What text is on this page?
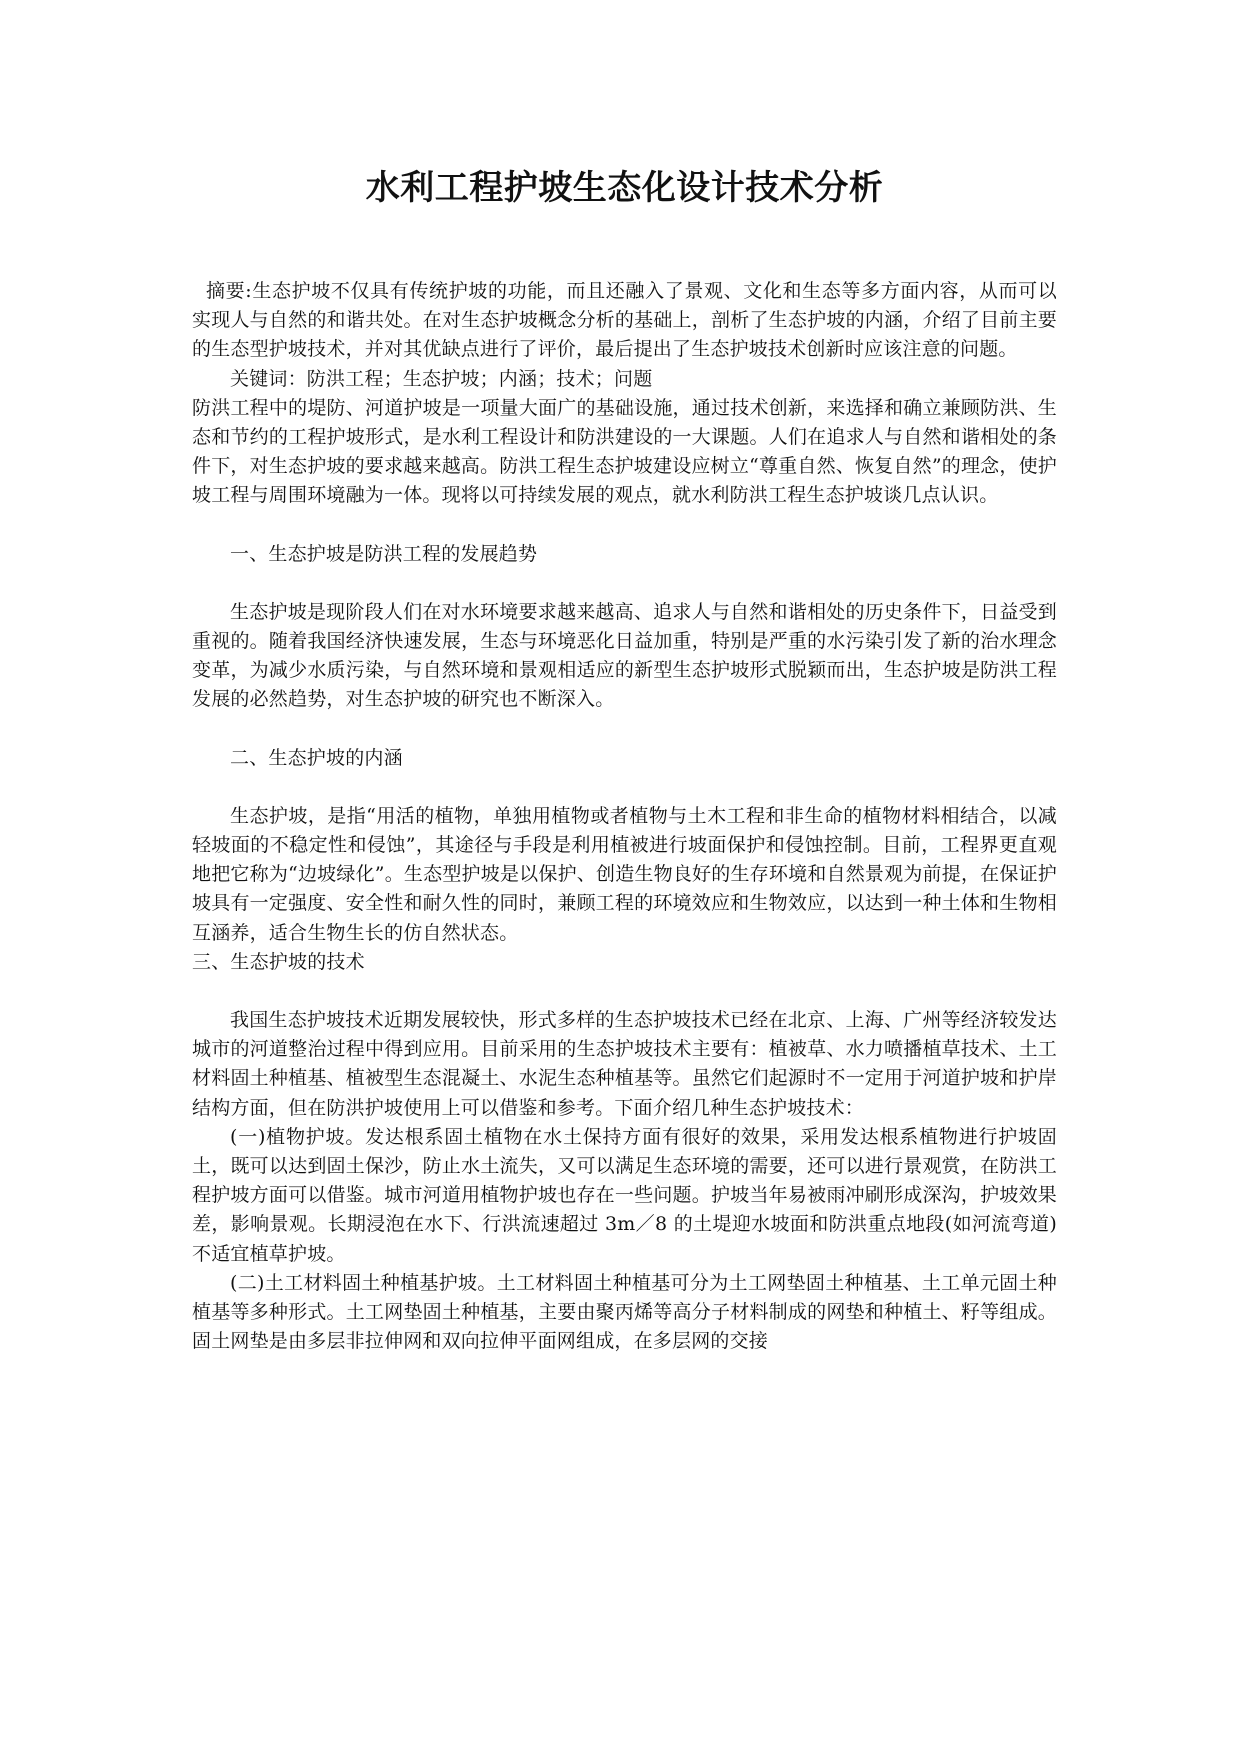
水利工程护坡生态化设计技术分析

摘要:生态护坡不仅具有传统护坡的功能，而且还融入了景观、文化和生态等多方面内容，从而可以实现人与自然的和谐共处。在对生态护坡概念分析的基础上，剖析了生态护坡的内涵，介绍了目前主要的生态型护坡技术，并对其优缺点进行了评价，最后提出了生态护坡技术创新时应该注意的问题。

关键词：防洪工程；生态护坡；内涵；技术；问题

防洪工程中的堤防、河道护坡是一项量大面广的基础设施，通过技术创新，来选择和确立兼顾防洪、生态和节约的工程护坡形式，是水利工程设计和防洪建设的一大课题。人们在追求人与自然和谐相处的条件下，对生态护坡的要求越来越高。防洪工程生态护坡建设应树立“尊重自然、恢复自然”的理念，使护坡工程与周围环境融为一体。现将以可持续发展的观点，就水利防洪工程生态护坡谈几点认识。

一、生态护坡是防洪工程的发展趋势

生态护坡是现阶段人们在对水环境要求越来越高、追求人与自然和谐相处的历史条件下，日益受到重视的。随着我国经济快速发展，生态与环境恶化日益加重，特别是严重的水污染引发了新的治水理念变革，为减少水质污染，与自然环境和景观相适应的新型生态护坡形式脱颖而出，生态护坡是防洪工程发展的必然趋势，对生态护坡的研究也不断深入。

二、生态护坡的内涵

生态护坡，是指“用活的植物，单独用植物或者植物与土木工程和非生命的植物材料相结合，以减轻坡面的不稳定性和侵蚀”，其途径与手段是利用植被进行坡面保护和侵蚀控制。目前，工程界更直观地把它称为“边坡绿化”。生态型护坡是以保护、创造生物良好的生存环境和自然景观为前提，在保证护坡具有一定强度、安全性和耐久性的同时，兼顾工程的环境效应和生物效应，以达到一种土体和生物相互涵养，适合生物生长的仿自然状态。

三、生态护坡的技术

我国生态护坡技术近期发展较快，形式多样的生态护坡技术已经在北京、上海、广州等经济较发达城市的河道整治过程中得到应用。目前采用的生态护坡技术主要有：植被草、水力喷播植草技术、土工材料固土种植基、植被型生态混凝土、水泥生态种植基等。虽然它们起源时不一定用于河道护坡和护岸结构方面，但在防洪护坡使用上可以借鉴和参考。下面介绍几种生态护坡技术：

(一)植物护坡。发达根系固土植物在水土保持方面有很好的效果，采用发达根系植物进行护坡固土，既可以达到固土保沙，防止水土流失，又可以满足生态环境的需要，还可以进行景观赏，在防洪工程护坡方面可以借鉴。城市河道用植物护坡也存在一些问题。护坡当年易被雨冲刷形成深沟，护坡效果差，影响景观。长期浸泡在水下、行洪流速超过 3m／8 的土堤迎水坡面和防洪重点地段(如河流弯道)不适宜植草护坡。

(二)土工材料固土种植基护坡。土工材料固土种植基可分为土工网垫固土种植基、土工单元固土种植基等多种形式。土工网垫固土种植基，主要由聚丙烯等高分子材料制成的网垫和种植土、籽等组成。固土网垫是由多层非拉伸网和双向拉伸平面网组成，在多层网的交接
